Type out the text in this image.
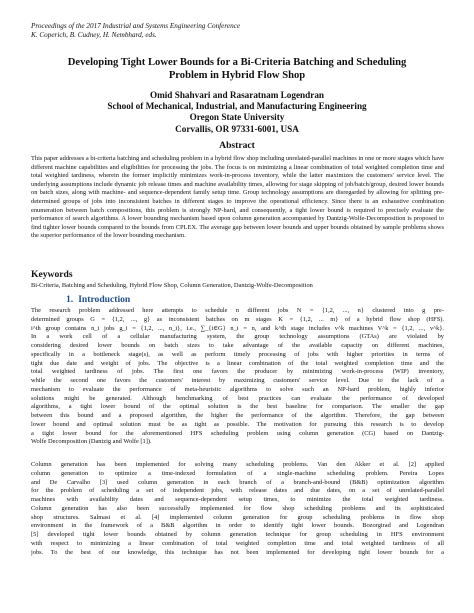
Proceedings of the 2017 Industrial and Systems Engineering Conference
K. Coperich, B. Cudney, H. Nembhard, eds.
Developing Tight Lower Bounds for a Bi-Criteria Batching and Scheduling
Problem in Hybrid Flow Shop
Omid Shahvari and Rasaratnam Logendran
School of Mechanical, Industrial, and Manufacturing Engineering
Oregon State University
Corvallis, OR 97331-6001, USA
Abstract
This paper addresses a bi-criteria batching and scheduling problem in a hybrid flow shop including unrelated-parallel machines in one or more stages which have different machine capabilities and eligibilities for processing the jobs. The focus is on minimizing a linear combination of total weighted completion time and total weighted tardiness, wherein the former implicitly minimizes work-in-process inventory, while the latter maximizes the customers' service level. The underlying assumptions include dynamic job release times and machine availability times, allowing for stage skipping of job/batch/group, desired lower bounds on batch sizes, along with machine- and sequence-dependent family setup time. Group technology assumptions are disregarded by allowing for splitting pre-determined groups of jobs into inconsistent batches in different stages to improve the operational efficiency. Since there is an exhaustive combination enumeration between batch compositions, this problem is strongly NP-hard, and consequently, a tight lower bound is required to precisely evaluate the performance of search algorithms. A lower bounding mechanism based upon column generation accompanied by Dantzig-Wolfe-Decomposition is proposed to find tighter lower bounds compared to the bounds from CPLEX. The average gap between lower bounds and upper bounds obtained by sample problems shows the superior performance of the lower bounding mechanism.
Keywords
Bi-Criteria, Batching and Scheduling, Hybrid Flow Shop, Column Generation, Dantzig-Wolfe-Decomposition
1. Introduction
The research problem addressed here attempts to schedule n different jobs N = {1,2, ..., n} clustered into g pre-
determined groups G = {1,2, ..., g} as inconsistent batches on m stages K = {1,2, ... m} of a hybrid flow shop (HFS).
i^th group contains n_i jobs g_i = {1,2, ..., n_i}, i.e., ∑_{i∈G} n_i = n, and k^th stage includes v^k machines V^k = {1,2, ..., v^k}.
In a work cell of a cellular manufacturing system, the group technology assumptions (GTAs) are violated by
considering desired lower bounds on batch sizes to take advantage of the available capacity on different machines,
specifically in a bottleneck stage(s), as well as perform timely processing of jobs with higher priorities in terms of
tight due date and weight of jobs. The objective is a linear combination of the total weighted completion time and the
total weighted tardiness of jobs. The first one favors the producer by minimizing work-in-process (WIP) inventory,
while the second one favors the customers' interest by maximizing customers' service level. Due to the lack of a
mechanism to evaluate the performance of meta-heuristic algorithms to solve such an NP-hard problem, highly inferior
solutions might be generated. Although benchmarking of best practices can evaluate the performance of developed
algorithms, a tight lower bound of the optimal solution is the best baseline for comparison. The smaller the gap
between this bound and a proposed algorithm, the higher the performance of the algorithm. Therefore, the gap between
lower bound and optimal solution must be as tight as possible. The motivation for pursuing this research is to develop
a tight lower bound for the aforementioned HFS scheduling problem using column generation (CG) based on Dantzig-
Wolfe Decomposition (Dantzig and Wolfe [1]).
Column generation has been implemented for solving many scheduling problems. Van den Akker et al. [2] applied
column generation to optimize a time-indexed formulation of a single-machine scheduling problem. Pereira Lopes
and De Carvalho [3] used column generation in each branch of a branch-and-bound (B&B) optimization algorithm
for the problem of scheduling a set of independent jobs, with release dates and due dates, on a set of unrelated-parallel
machines with availability dates and sequence-dependent setup times, to minimize the total weighted tardiness.
Column generation has also been successfully implemented for flow shop scheduling problems and its sophisticated
shop structures. Salmasi et al. [4] implemented column generation for group scheduling problems in flow shop
environment in the framework of a B&B algorithm in order to identify tight lower bounds. Bozorgirad and Logendran
[5] developed tight lower bounds obtained by column generation technique for group scheduling in HFS environment
with respect to minimizing a linear combination of total weighted completion time and total weighted tardiness of all
jobs. To the best of our knowledge, this technique has not been implemented for developing tight lower bounds for a
